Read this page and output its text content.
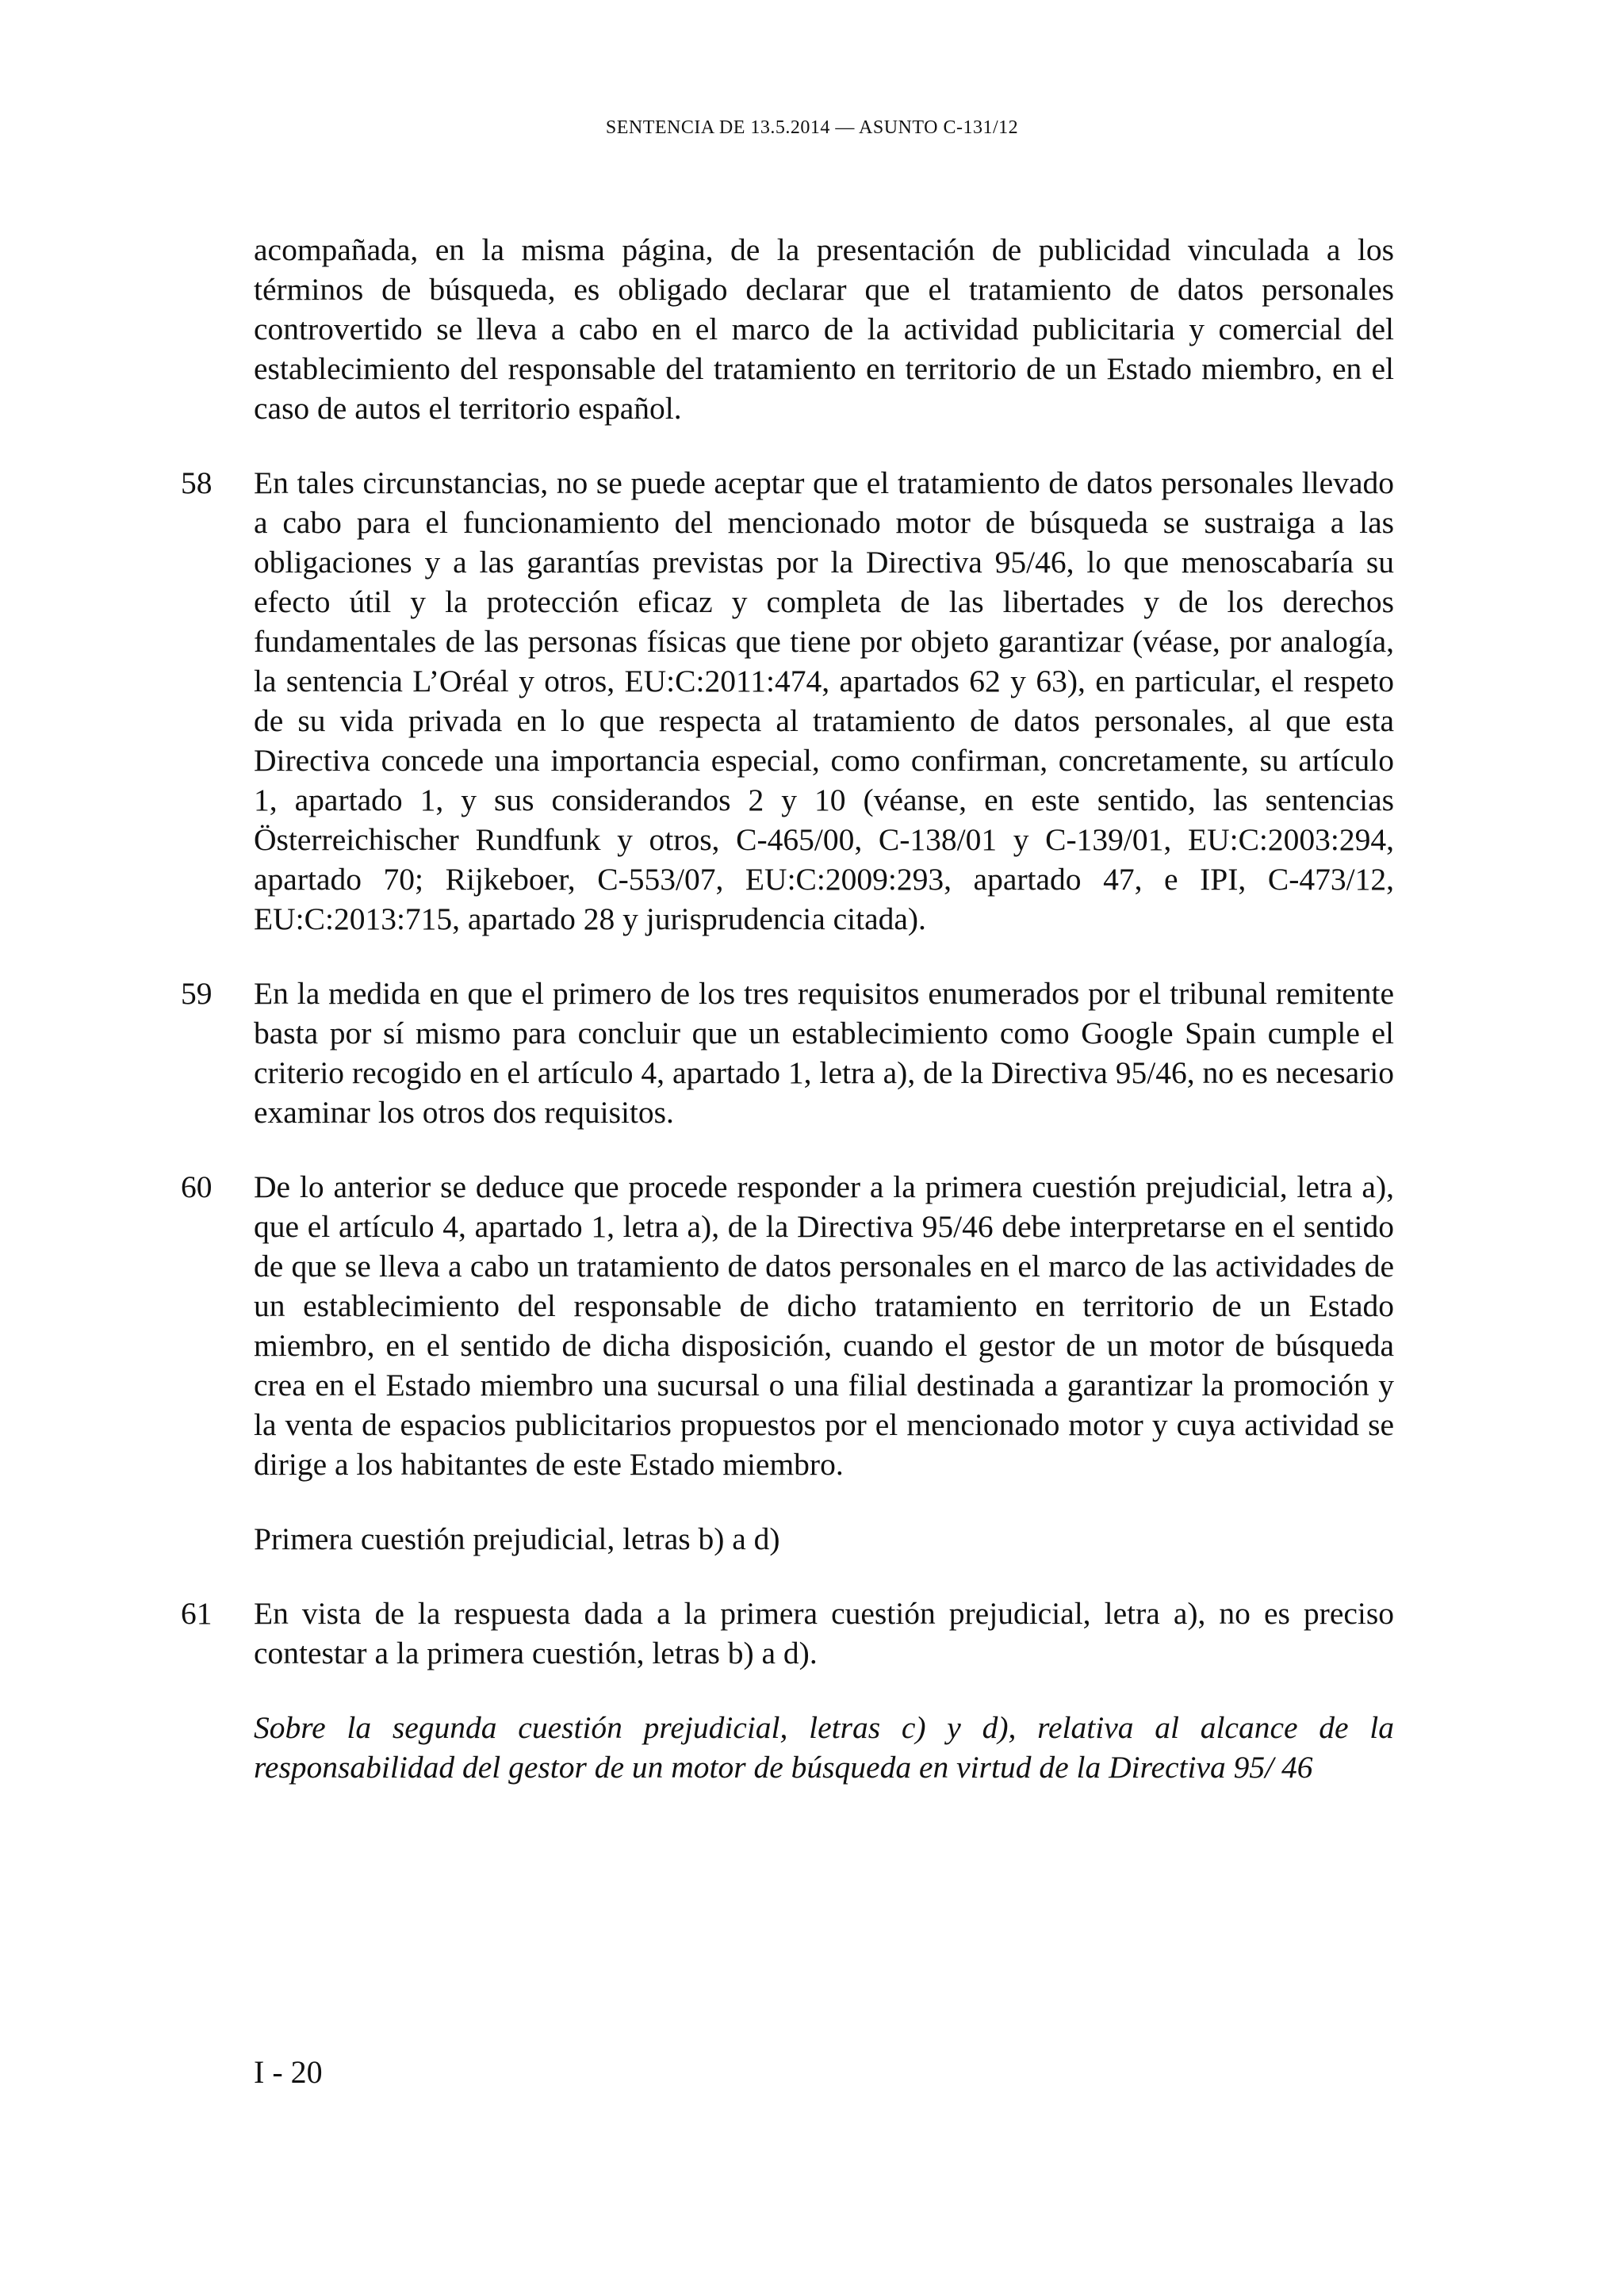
SENTENCIA DE 13.5.2014 — ASUNTO C-131/12
acompañada, en la misma página, de la presentación de publicidad vinculada a los términos de búsqueda, es obligado declarar que el tratamiento de datos personales controvertido se lleva a cabo en el marco de la actividad publicitaria y comercial del establecimiento del responsable del tratamiento en territorio de un Estado miembro, en el caso de autos el territorio español.
58	En tales circunstancias, no se puede aceptar que el tratamiento de datos personales llevado a cabo para el funcionamiento del mencionado motor de búsqueda se sustraiga a las obligaciones y a las garantías previstas por la Directiva 95/46, lo que menoscabaría su efecto útil y la protección eficaz y completa de las libertades y de los derechos fundamentales de las personas físicas que tiene por objeto garantizar (véase, por analogía, la sentencia L’Oréal y otros, EU:C:2011:474, apartados 62 y 63), en particular, el respeto de su vida privada en lo que respecta al tratamiento de datos personales, al que esta Directiva concede una importancia especial, como confirman, concretamente, su artículo 1, apartado 1, y sus considerandos 2 y 10 (véanse, en este sentido, las sentencias Österreichischer Rundfunk y otros, C-465/00, C-138/01 y C-139/01, EU:C:2003:294, apartado 70; Rijkeboer, C-553/07, EU:C:2009:293, apartado 47, e IPI, C-473/12, EU:C:2013:715, apartado 28 y jurisprudencia citada).
59	En la medida en que el primero de los tres requisitos enumerados por el tribunal remitente basta por sí mismo para concluir que un establecimiento como Google Spain cumple el criterio recogido en el artículo 4, apartado 1, letra a), de la Directiva 95/46, no es necesario examinar los otros dos requisitos.
60	De lo anterior se deduce que procede responder a la primera cuestión prejudicial, letra a), que el artículo 4, apartado 1, letra a), de la Directiva 95/46 debe interpretarse en el sentido de que se lleva a cabo un tratamiento de datos personales en el marco de las actividades de un establecimiento del responsable de dicho tratamiento en territorio de un Estado miembro, en el sentido de dicha disposición, cuando el gestor de un motor de búsqueda crea en el Estado miembro una sucursal o una filial destinada a garantizar la promoción y la venta de espacios publicitarios propuestos por el mencionado motor y cuya actividad se dirige a los habitantes de este Estado miembro.
Primera cuestión prejudicial, letras b) a d)
61	En vista de la respuesta dada a la primera cuestión prejudicial, letra a), no es preciso contestar a la primera cuestión, letras b) a d).
Sobre la segunda cuestión prejudicial, letras c) y d), relativa al alcance de la responsabilidad del gestor de un motor de búsqueda en virtud de la Directiva 95/ 46
I - 20
